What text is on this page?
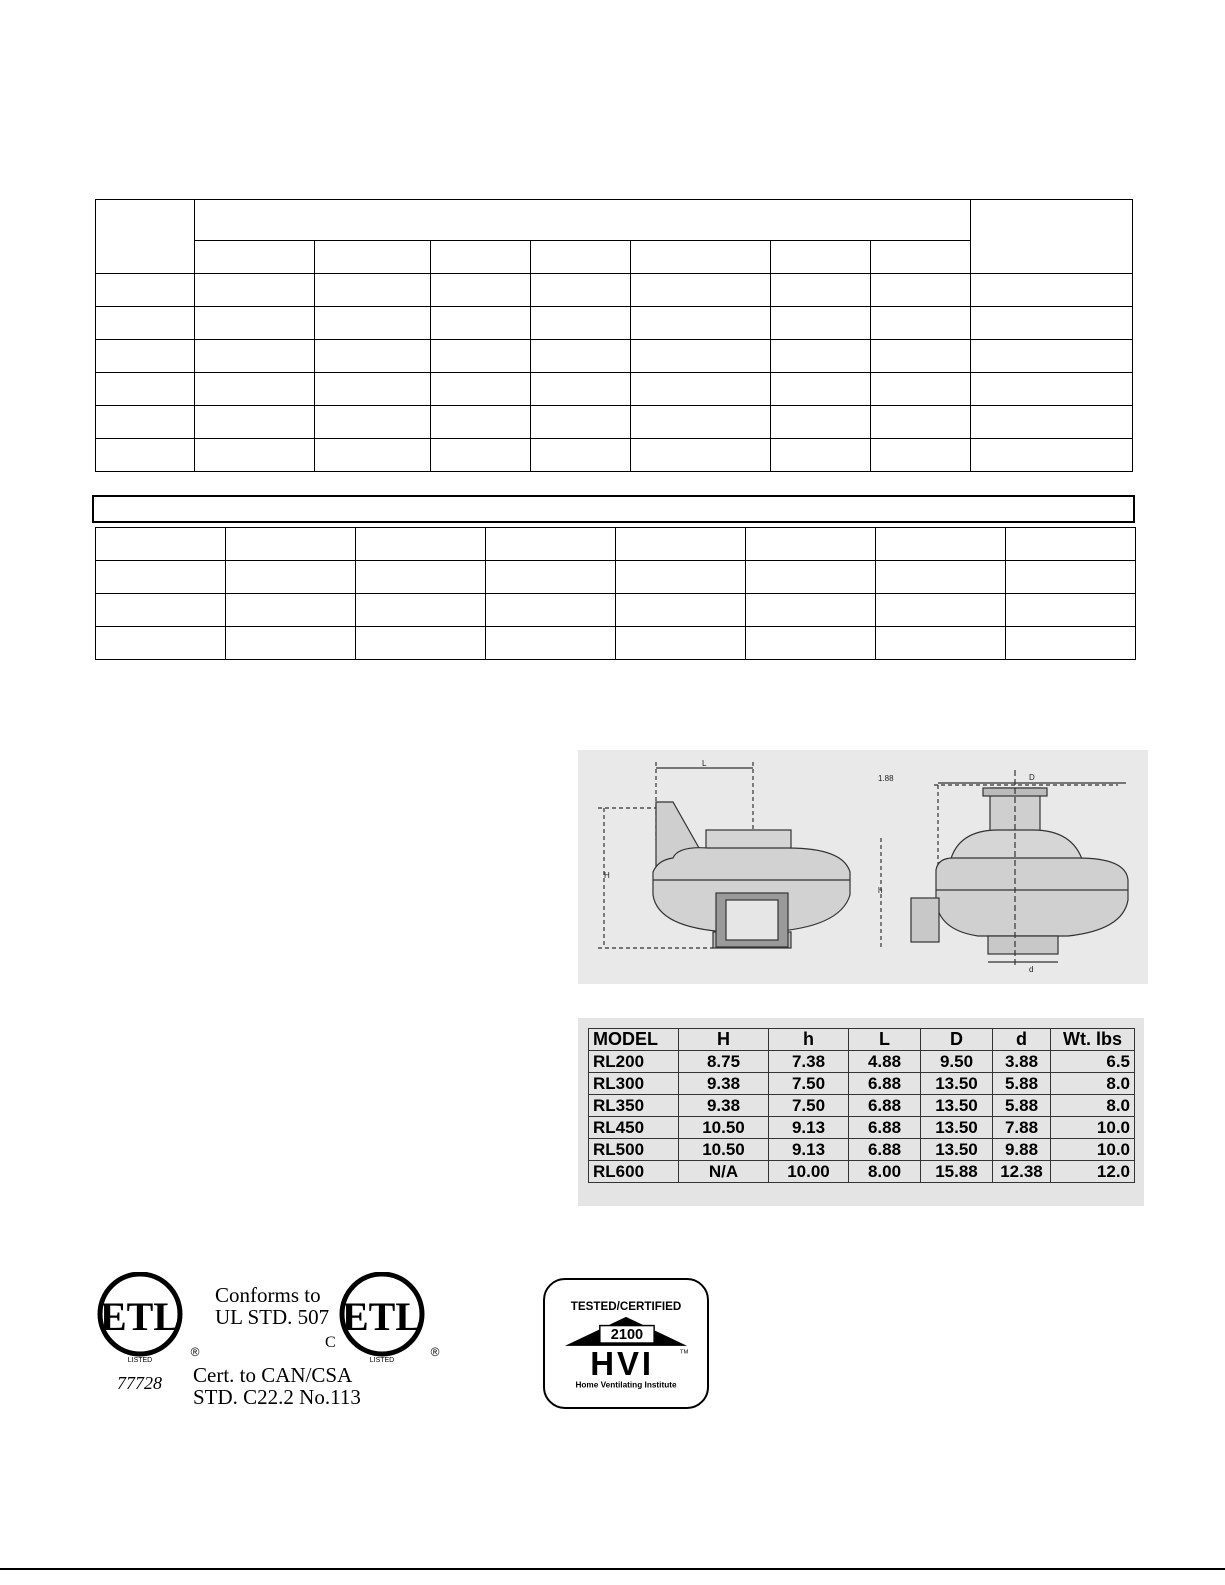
L
H
h
1.88	D
d
MODEL	H	h	L	D	d	Wt. lbs
RL200	8.75	7.38	4.88	9.50	3.88	6.5
RL300	9.38	7.50	6.88	13.50	5.88	8.0
RL350	9.38	7.50	6.88	13.50	5.88	8.0
RL450	10.50	9.13	6.88	13.50	7.88	10.0
RL500	10.50	9.13	6.88	13.50	9.88	10.0
RL600	N/A	10.00	8.00	15.88	12.38	12.0
ETL
LISTED
®
Conforms to
UL STD. 507
77728 Cert. to CAN/CSA
STD. C22.2 No.113
C
ETL
LISTED
®
TESTED/CERTIFIED
2100
HVI	TM
Home Ventilating Institute
